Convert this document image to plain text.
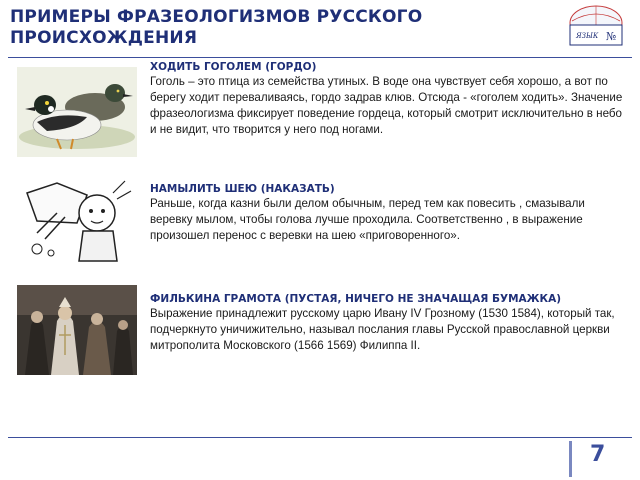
ПРИМЕРЫ ФРАЗЕОЛОГИЗМОВ РУССКОГО ПРОИСХОЖДЕНИЯ	ЯЗЫК №
ХОДИТЬ ГОГОЛЕМ (ГОРДО)
Гоголь – это птица из семейства утиных. В воде она чувствует себя хорошо, а вот по берегу ходит переваливаясь, гордо задрав клюв. Отсюда - «гоголем ходить». Значение фразеологизма фиксирует поведение гордеца, который смотрит исключительно в небо и не видит, что творится у него под ногами.
НАМЫЛИТЬ ШЕЮ (НАКАЗАТЬ)
Раньше, когда казни были делом обычным, перед тем как повесить , смазывали веревку мылом, чтобы голова лучше проходила. Соответственно , в выражение произошел перенос с веревки на шею «приговоренного».
ФИЛЬКИНА ГРАМОТА (ПУСТАЯ, НИЧЕГО НЕ ЗНАЧАЩАЯ БУМАЖКА)
Выражение принадлежит русскому царю Ивану IV Грозному (1530 1584), который так, подчеркнуто уничижительно, называл послания главы Русской православной церкви митрополита Московского (1566 1569) Филиппа II.
7
